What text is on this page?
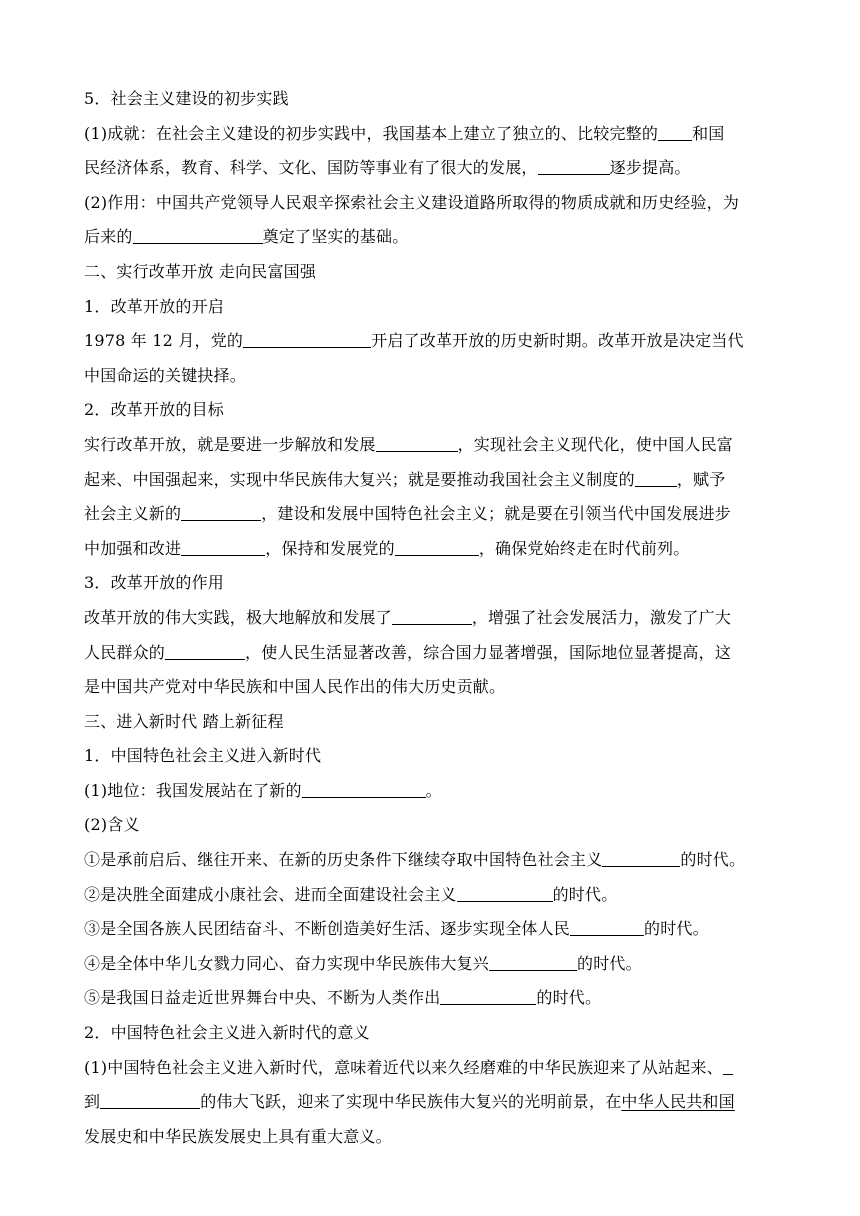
5．社会主义建设的初步实践
(1)成就：在社会主义建设的初步实践中，我国基本上建立了独立的、比较完整的 和国
民经济体系，教育、科学、文化、国防等事业有了很大的发展，	逐步提高。
(2)作用：中国共产党领导人民艰辛探索社会主义建设道路所取得的物质成就和历史经验，为
后来的	奠定了坚实的基础。
二、实行改革开放 走向民富国强
1．改革开放的开启
1978 年 12 月，党的	开启了改革开放的历史新时期。改革开放是决定当代
中国命运的关键抉择。
2．改革开放的目标
实行改革开放，就是要进一步解放和发展	，实现社会主义现代化，使中国人民富
起来、中国强起来，实现中华民族伟大复兴；就是要推动我国社会主义制度的	，赋予
社会主义新的	，建设和发展中国特色社会主义；就是要在引领当代中国发展进步
中加强和改进	，保持和发展党的	，确保党始终走在时代前列。
3．改革开放的作用
改革开放的伟大实践，极大地解放和发展了	，增强了社会发展活力，激发了广大
人民群众的	，使人民生活显著改善，综合国力显著增强，国际地位显著提高，这
是中国共产党对中华民族和中国人民作出的伟大历史贡献。
三、进入新时代 踏上新征程
1．中国特色社会主义进入新时代
(1)地位：我国发展站在了新的	。
(2)含义
①是承前启后、继往开来、在新的历史条件下继续夺取中国特色社会主义	的时代。
②是决胜全面建成小康社会、进而全面建设社会主义	的时代。
③是全国各族人民团结奋斗、不断创造美好生活、逐步实现全体人民	的时代。
④是全体中华儿女戮力同心、奋力实现中华民族伟大复兴	的时代。
⑤是我国日益走近世界舞台中央、不断为人类作出	的时代。
2．中国特色社会主义进入新时代的意义
(1)中国特色社会主义进入新时代，意味着近代以来久经磨难的中华民族迎来了从站起来、
到	的伟大飞跃，迎来了实现中华民族伟大复兴的光明前景，在中华人民共和国
发展史和中华民族发展史上具有重大意义。
